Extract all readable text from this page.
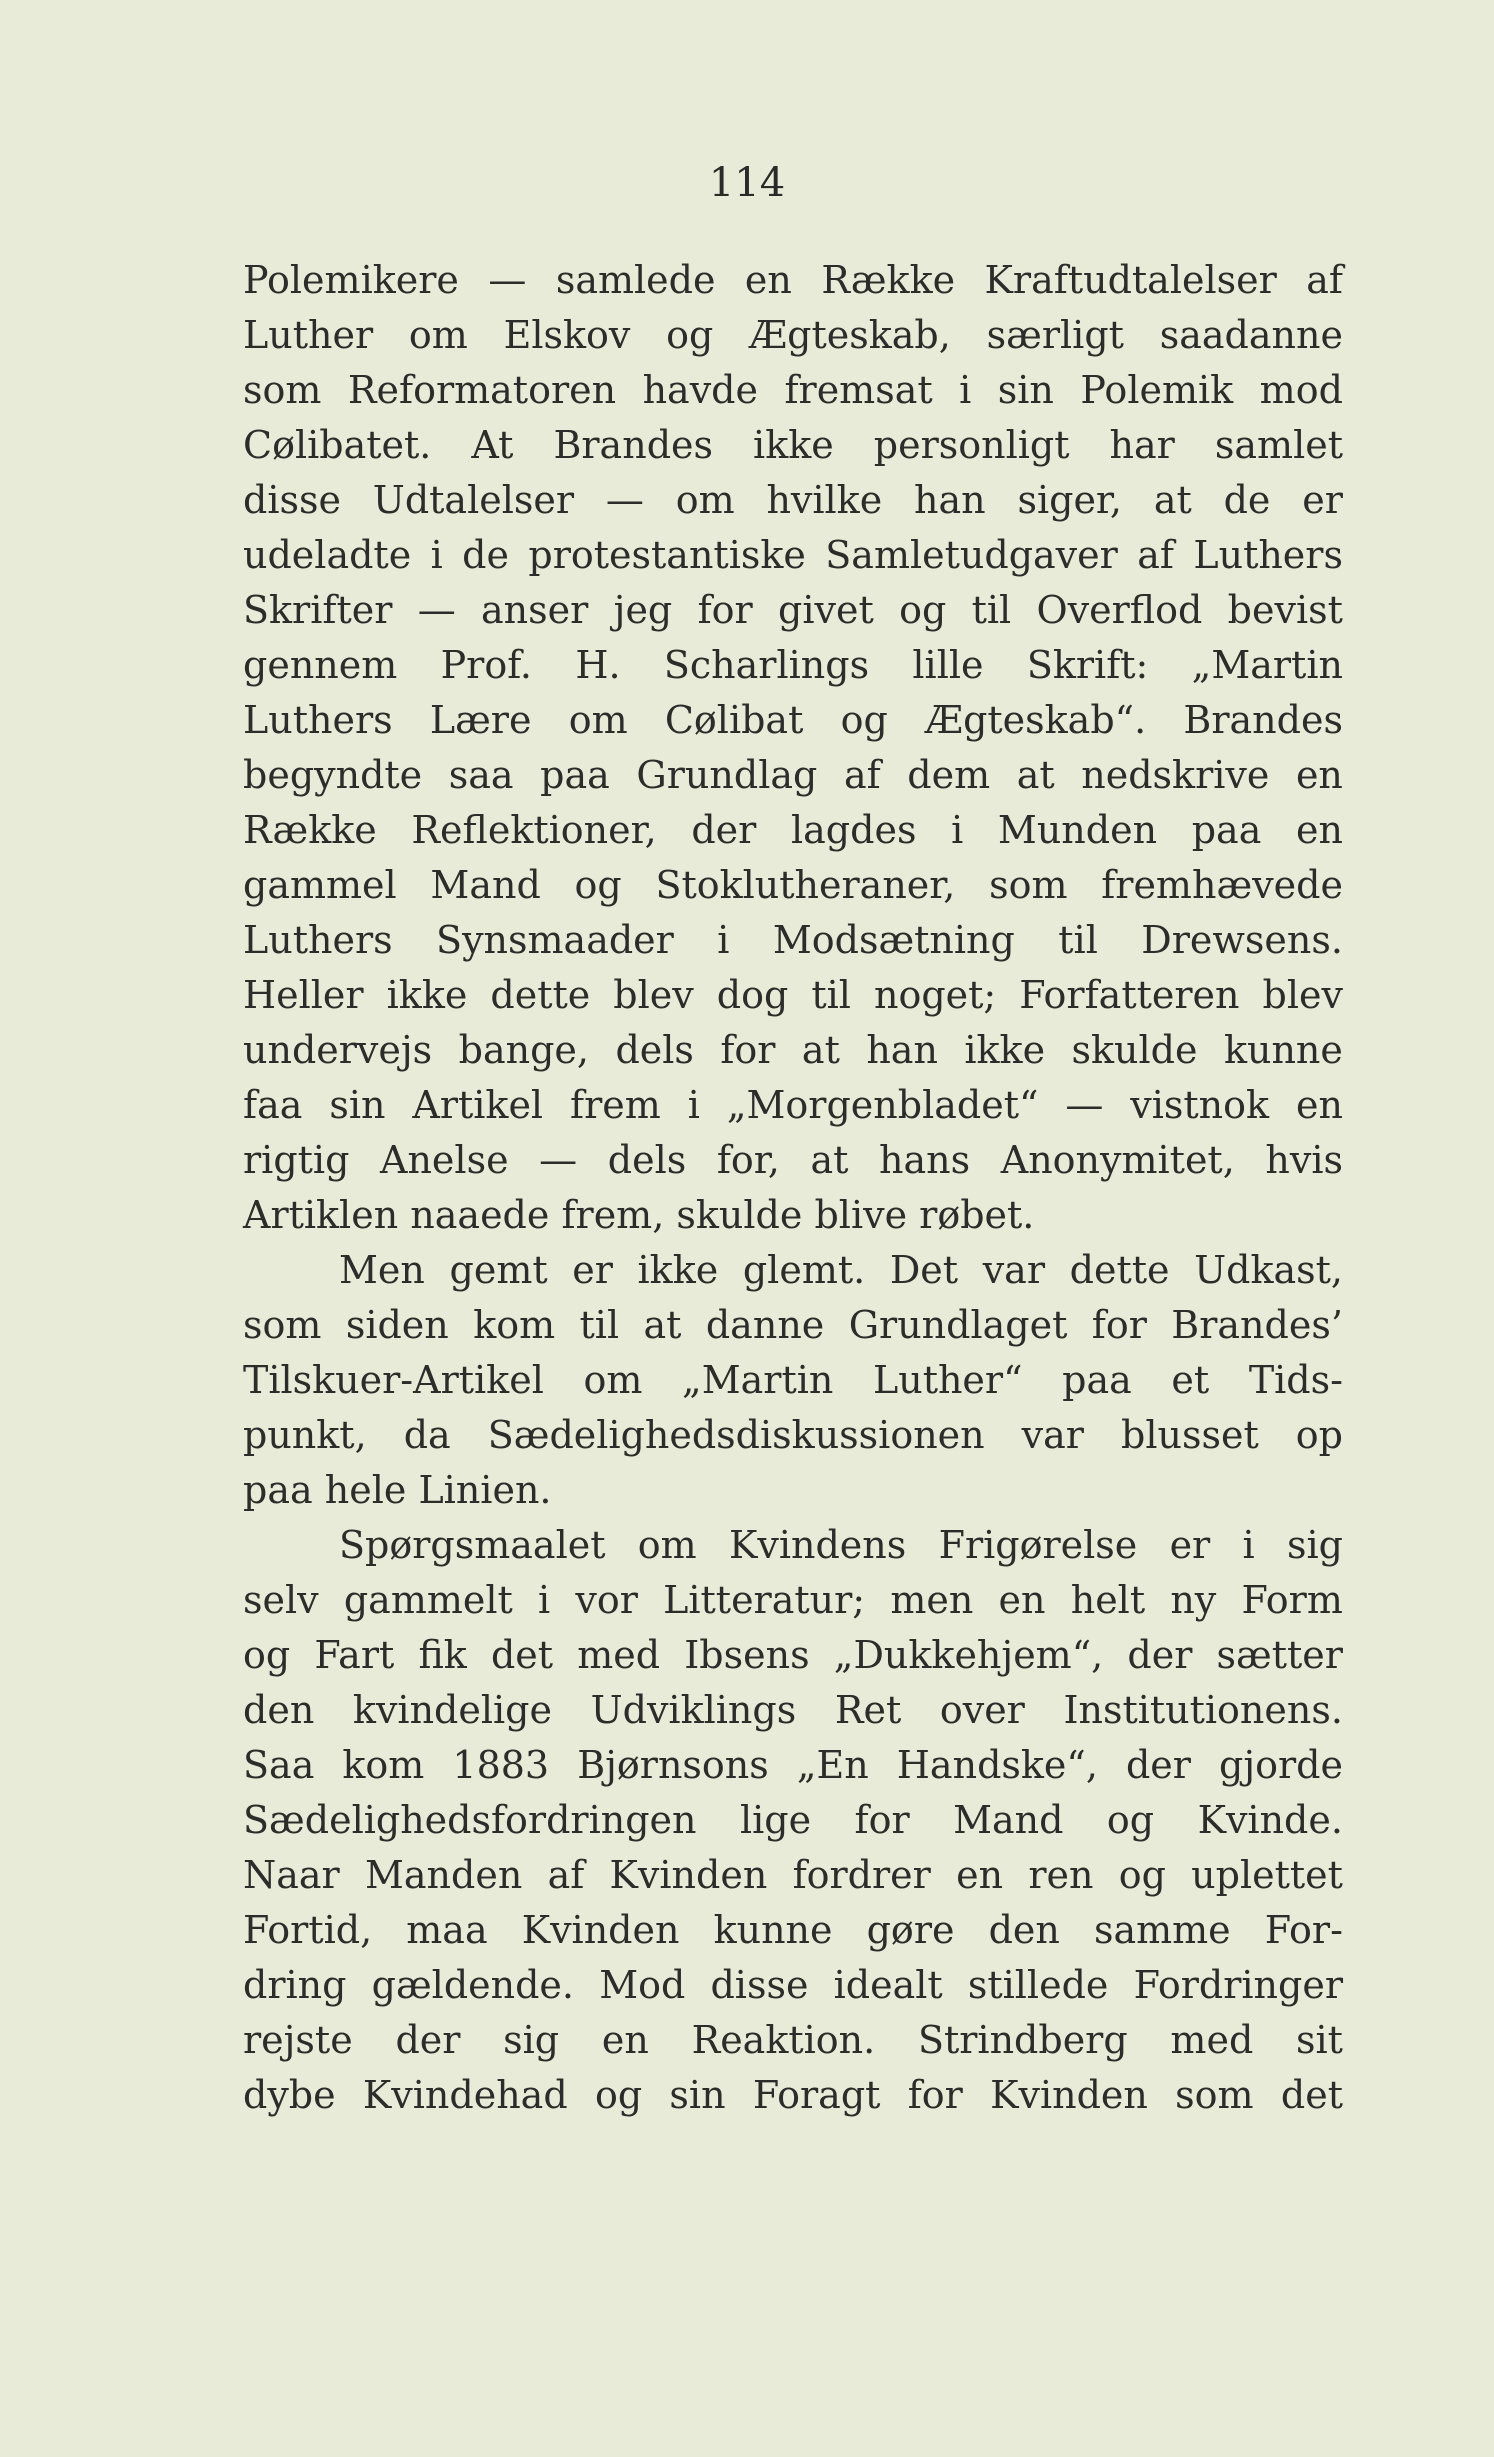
114
Polemikere — samlede en Række Kraftudtalelser af
Luther om Elskov og Ægteskab, særligt saadanne
som Reformatoren havde fremsat i sin Polemik mod
Cølibatet. At Brandes ikke personligt har samlet
disse Udtalelser — om hvilke han siger, at de er
udeladte i de protestantiske Samletudgaver af Luthers
Skrifter — anser jeg for givet og til Overflod bevist
gennem Prof. H. Scharlings lille Skrift: „Martin
Luthers Lære om Cølibat og Ægteskab“. Brandes
begyndte saa paa Grundlag af dem at nedskrive en
Række Reflektioner, der lagdes i Munden paa en
gammel Mand og Stoklutheraner, som fremhævede
Luthers Synsmaader i Modsætning til Drewsens.
Heller ikke dette blev dog til noget; Forfatteren blev
undervejs bange, dels for at han ikke skulde kunne
faa sin Artikel frem i „Morgenbladet“ — vistnok en
rigtig Anelse — dels for, at hans Anonymitet, hvis
Artiklen
naaede
frem,
skulde
blive
røbet.
Men gemt er ikke glemt. Det var dette Udkast,
som siden kom til at danne Grundlaget for Brandes’
Tilskuer-Artikel om „Martin Luther“ paa et Tids-
punkt, da Sædelighedsdiskussionen var blusset op
paa
hele
Linien.
Spørgsmaalet om Kvindens Frigørelse er i sig
selv gammelt i vor Litteratur; men en helt ny Form
og Fart fik det med Ibsens „Dukkehjem“, der sætter
den kvindelige Udviklings Ret over Institutionens.
Saa kom 1883 Bjørnsons „En Handske“, der gjorde
Sædelighedsfordringen lige for Mand og Kvinde.
Naar Manden af Kvinden fordrer en ren og uplettet
Fortid, maa Kvinden kunne gøre den samme For-
dring gældende. Mod disse idealt stillede Fordringer
rejste der sig en Reaktion. Strindberg med sit
dybe Kvindehad og sin Foragt for Kvinden som det
